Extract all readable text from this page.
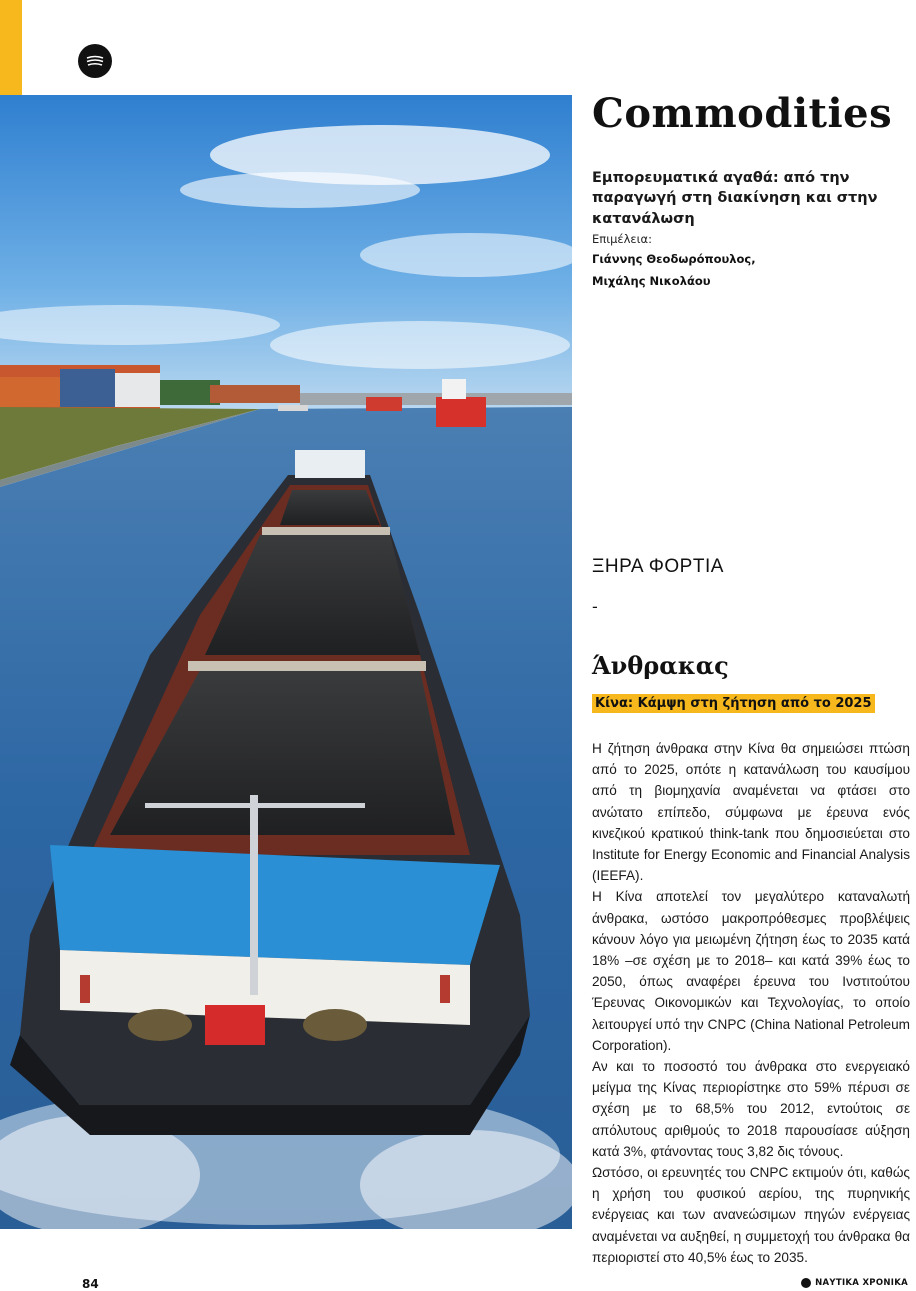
Commodities
Εμπορευματικά αγαθά: από την παραγωγή στη διακίνηση και στην κατανάλωση
Επιμέλεια:
Γιάννης Θεοδωρόπουλος,
Μιχάλης Νικολάου
ΞΗΡΑ ΦΟΡΤΙΑ
-
Άνθρακας
Κίνα: Κάμψη στη ζήτηση από το 2025

Η ζήτηση άνθρακα στην Κίνα θα σημειώσει πτώση από το 2025, οπότε η κατανάλωση του καυσίμου από τη βιομηχανία αναμένεται να φτάσει στο ανώτατο επίπεδο, σύμφωνα με έρευνα ενός κινεζικού κρατικού think-tank που δημοσιεύεται στο Institute for Energy Economic and Financial Analysis (IEEFA).

Η Κίνα αποτελεί τον μεγαλύτερο καταναλωτή άνθρακα, ωστόσο μακροπρόθεσμες προβλέψεις κάνουν λόγο για μειωμένη ζήτηση έως το 2035 κατά 18% –σε σχέση με το 2018– και κατά 39% έως το 2050, όπως αναφέρει έρευνα του Ινστιτούτου Έρευνας Οικονομικών και Τεχνολογίας, το οποίο λειτουργεί υπό την CNPC (China National Petroleum Corporation).

Αν και το ποσοστό του άνθρακα στο ενεργειακό μείγμα της Κίνας περιορίστηκε στο 59% πέρυσι σε σχέση με το 68,5% του 2012, εντούτοις σε απόλυτους αριθμούς το 2018 παρουσίασε αύξηση κατά 3%, φτάνοντας τους 3,82 δις τόνους.

Ωστόσο, οι ερευνητές του CNPC εκτιμούν ότι, καθώς η χρήση του φυσικού αερίου, της πυρηνικής ενέργειας και των ανανεώσιμων πηγών ενέργειας αναμένεται να αυξηθεί, η συμμετοχή του άνθρακα θα περιοριστεί στο 40,5% έως το 2035.

84	ΝΑΥΤΙΚΑ ΧΡΟΝΙΚΑ
